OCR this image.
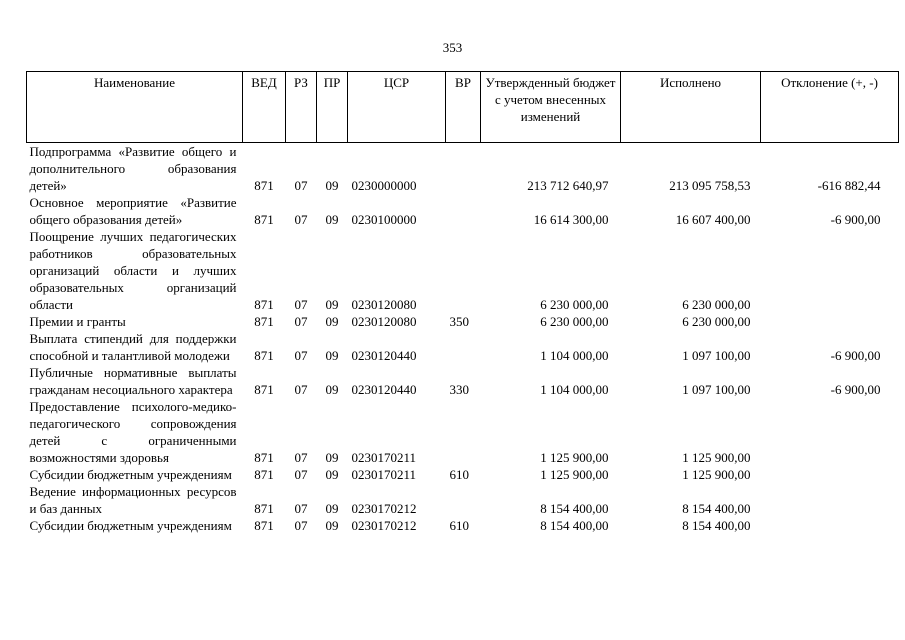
353
Наименование	ВЕД	РЗ	ПР	ЦСР	ВР	Утвержденный бюджет с учетом внесенных изменений	Исполнено	Отклонение (+, -)
Подпрограмма «Развитие общего и дополнительного образования детей»	871	07	09	0230000000		213 712 640,97	213 095 758,53	-616 882,44
Основное мероприятие «Развитие общего образования детей»	871	07	09	0230100000		16 614 300,00	16 607 400,00	-6 900,00
Поощрение лучших педагогических работников образовательных организаций области и лучших образовательных организаций области	871	07	09	0230120080		6 230 000,00	6 230 000,00	
Премии и гранты	871	07	09	0230120080	350	6 230 000,00	6 230 000,00	
Выплата стипендий для поддержки способной и талантливой молодежи	871	07	09	0230120440		1 104 000,00	1 097 100,00	-6 900,00
Публичные нормативные выплаты гражданам несоциального характера	871	07	09	0230120440	330	1 104 000,00	1 097 100,00	-6 900,00
Предоставление психолого-медико-педагогического сопровождения детей с ограниченными возможностями здоровья	871	07	09	0230170211		1 125 900,00	1 125 900,00	
Субсидии бюджетным учреждениям	871	07	09	0230170211	610	1 125 900,00	1 125 900,00	
Ведение информационных ресурсов и баз данных	871	07	09	0230170212		8 154 400,00	8 154 400,00	
Субсидии бюджетным учреждениям	871	07	09	0230170212	610	8 154 400,00	8 154 400,00	
